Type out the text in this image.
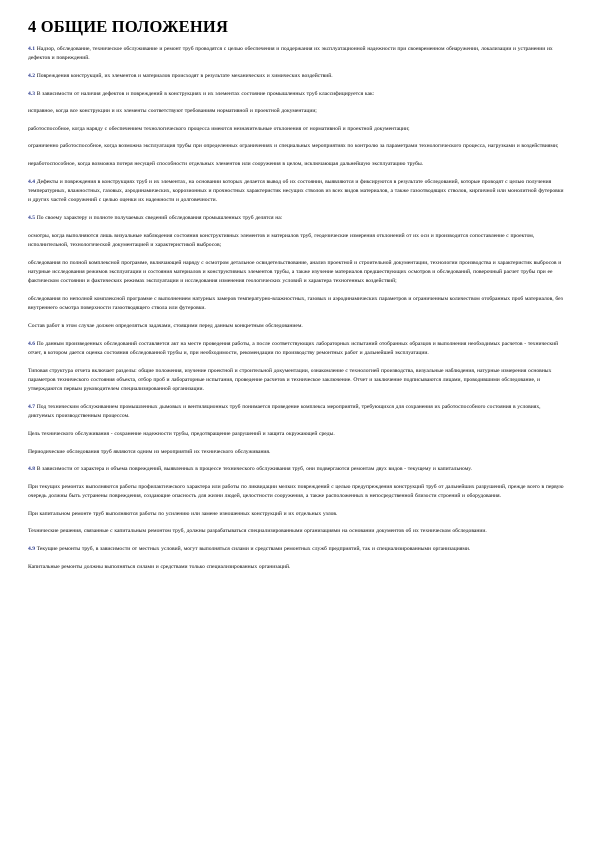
4 ОБЩИЕ ПОЛОЖЕНИЯ

4.1 Надзор, обследование, техническое обслуживание и ремонт труб проводятся с целью обеспечения и поддержания их эксплуатационной надежности при своевременном обнаружении, локализации и устранении их дефектов и повреждений.

4.2 Повреждения конструкций, их элементов и материалов происходят в результате механических и химических воздействий.

4.3 В зависимости от наличия дефектов и повреждений в конструкциях и их элементах состояние промышленных труб классифицируется как:

исправное, когда все конструкции и их элементы соответствуют требованиям нормативной и проектной документации;

работоспособное, когда наряду с обеспечением технологического процесса имеются незначительные отклонения от нормативной и проектной документации;

ограниченно работоспособное, когда возможна эксплуатация трубы при определенных ограничениях и специальных мероприятиях по контролю за параметрами технологического процесса, нагрузками и воздействиями;

неработоспособное, когда возможна потеря несущей способности отдельных элементов или сооружения в целом, исключающая дальнейшую эксплуатацию трубы.

4.4 Дефекты и повреждения в конструкциях труб и их элементах, на основании которых делается вывод об их состоянии, выявляются и фиксируются в результате обследований, которые проводят с целью получения температурных, влажностных, газовых, аэродинамических, коррозионных и прочностных характеристик несущих стволов из всех видов материалов, а также газоотводящих стволов, кирпичной или монолитной футеровки и других частей сооружений с целью оценки их надежности и долговечности.

4.5 По своему характеру и полноте получаемых сведений обследования промышленных труб делятся на:

осмотры, когда выполняются лишь визуальные наблюдения состояния конструктивных элементов и материалов труб, геодезические измерения отклонений от их оси и производится сопоставление с проектом, исполнительной, технологической документацией и характеристикой выбросов;

обследования по полной комплексной программе, включающей наряду с осмотром детальное освидетельствование, анализ проектной и строительной документации, технологии производства и характеристик выбросов и натурные исследования режимов эксплуатации и состояния материалов и конструктивных элементов трубы, а также изучение материалов предшествующих осмотров и обследований, поверочный расчет трубы при ее фактическом состоянии и фактических режимах эксплуатации и исследования изменения геологических условий и характера техногенных воздействий;

обследования по неполной комплексной программе с выполнением натурных замеров температурно-влажностных, газовых и аэродинамических параметров и ограниченным количеством отобранных проб материалов, без внутреннего осмотра поверхности газоотводящего ствола или футеровки.

Состав работ в этом случае должен определяться задачами, стоящими перед данным конкретным обследованием.

4.6 По данным произведенных обследований составляется акт на месте проведения работы, а после соответствующих лабораторных испытаний отобранных образцов и выполнения необходимых расчетов - технический отчет, в котором дается оценка состояния обследованной трубы и, при необходимости, рекомендации по производству ремонтных работ и дальнейшей эксплуатации.

Типовая структура отчета включает разделы: общие положения, изучение проектной и строительной документации, ознакомление с технологией производства, визуальные наблюдения, натурные измерения основных параметров технического состояния объекта, отбор проб и лабораторные испытания, проведение расчетов и техническое заключение. Отчет и заключение подписываются лицами, проводившими обследование, и утверждаются первым руководителем специализированной организации.

4.7 Под техническим обслуживанием промышленных дымовых и вентиляционных труб понимается проведение комплекса мероприятий, требующихся для сохранения их работоспособного состояния в условиях, диктуемых производственным процессом.

Цель технического обслуживания - сохранение надежности трубы, предотвращение разрушений и защита окружающей среды.

Периодические обследования труб являются одним из мероприятий их технического обслуживания.

4.8 В зависимости от характера и объема повреждений, выявленных в процессе технического обслуживания труб, они подвергаются ремонтам двух видов - текущему и капитальному.

При текущих ремонтах выполняются работы профилактического характера или работы по ликвидации мелких повреждений с целью предупреждения конструкций труб от дальнейших разрушений, прежде всего в первую очередь должны быть устранены повреждения, создающие опасность для жизни людей, целостности сооружения, а также расположенных в непосредственной близости строений и оборудования.

При капитальном ремонте труб выполняются работы по усилению или замене изношенных конструкций и их отдельных узлов.

Технические решения, связанные с капитальным ремонтом труб, должны разрабатываться специализированными организациями на основании документов об их техническом обследовании.

4.9 Текущие ремонты труб, в зависимости от местных условий, могут выполняться силами и средствами ремонтных служб предприятий, так и специализированными организациями.

Капитальные ремонты должны выполняться силами и средствами только специализированных организаций.
